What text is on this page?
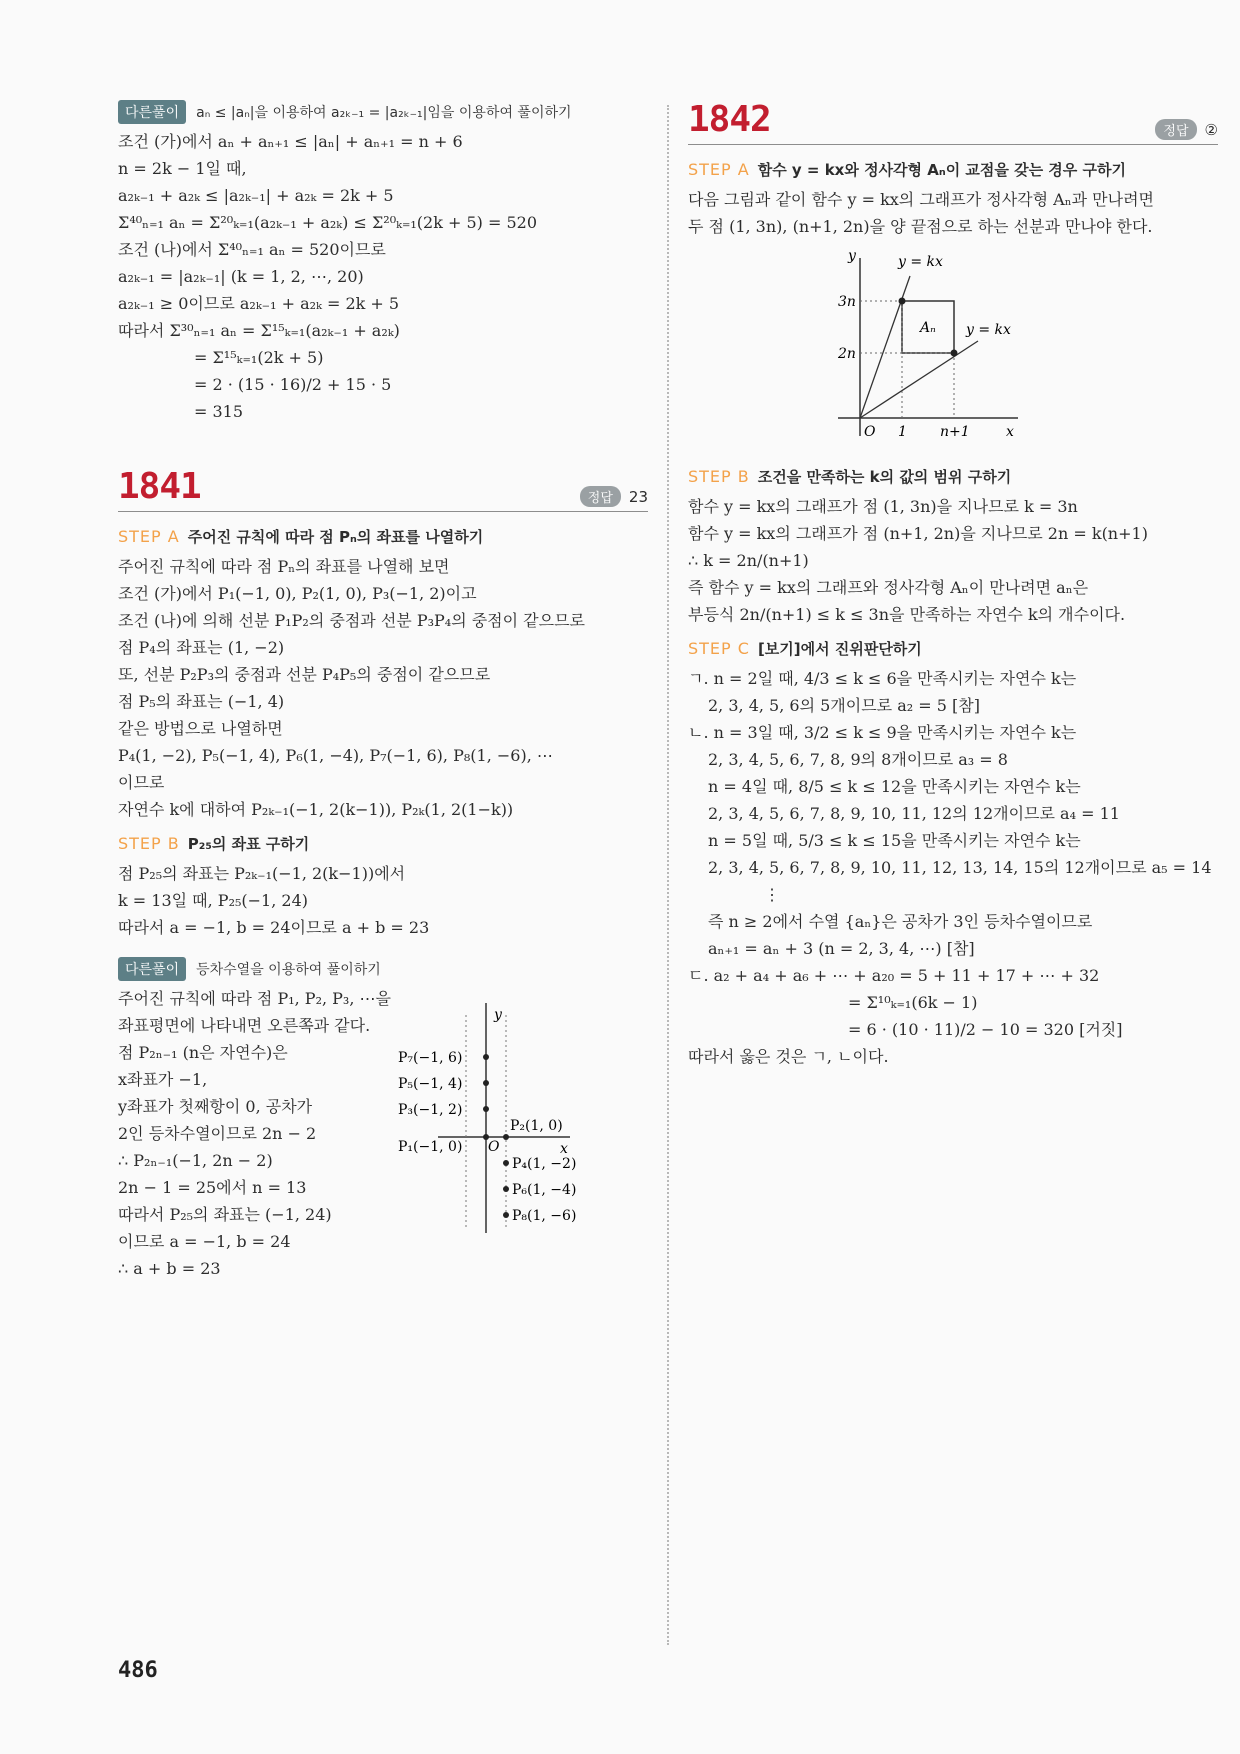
다른풀이	aₙ ≤ |aₙ|을 이용하여 a₂ₖ₋₁ = |a₂ₖ₋₁|임을 이용하여 풀이하기
조건 (가)에서 aₙ + aₙ₊₁ ≤ |aₙ| + aₙ₊₁ = n + 6
n = 2k − 1일 때,
a₂ₖ₋₁ + a₂ₖ ≤ |a₂ₖ₋₁| + a₂ₖ = 2k + 5
Σ⁴⁰ₙ₌₁ aₙ = Σ²⁰ₖ₌₁(a₂ₖ₋₁ + a₂ₖ) ≤ Σ²⁰ₖ₌₁(2k + 5) = 520
조건 (나)에서 Σ⁴⁰ₙ₌₁ aₙ = 520이므로
a₂ₖ₋₁ = |a₂ₖ₋₁| (k = 1, 2, ⋯, 20)
a₂ₖ₋₁ ≥ 0이므로 a₂ₖ₋₁ + a₂ₖ = 2k + 5
따라서 Σ³⁰ₙ₌₁ aₙ = Σ¹⁵ₖ₌₁(a₂ₖ₋₁ + a₂ₖ)
= Σ¹⁵ₖ₌₁(2k + 5)
= 2 · (15 · 16)/2 + 15 · 5
= 315
1841	정답	23
STEP A 주어진 규칙에 따라 점 Pₙ의 좌표를 나열하기
주어진 규칙에 따라 점 Pₙ의 좌표를 나열해 보면
조건 (가)에서 P₁(−1, 0), P₂(1, 0), P₃(−1, 2)이고
조건 (나)에 의해 선분 P₁P₂의 중점과 선분 P₃P₄의 중점이 같으므로
점 P₄의 좌표는 (1, −2)
또, 선분 P₂P₃의 중점과 선분 P₄P₅의 중점이 같으므로
점 P₅의 좌표는 (−1, 4)
같은 방법으로 나열하면
P₄(1, −2), P₅(−1, 4), P₆(1, −4), P₇(−1, 6), P₈(1, −6), ⋯
이므로
자연수 k에 대하여 P₂ₖ₋₁(−1, 2(k−1)), P₂ₖ(1, 2(1−k))
STEP B P₂₅의 좌표 구하기
점 P₂₅의 좌표는 P₂ₖ₋₁(−1, 2(k−1))에서
k = 13일 때, P₂₅(−1, 24)
따라서 a = −1, b = 24이므로 a + b = 23
다른풀이	등차수열을 이용하여 풀이하기
주어진 규칙에 따라 점 P₁, P₂, P₃, ⋯을
좌표평면에 나타내면 오른쪽과 같다.
점 P₂ₙ₋₁ (n은 자연수)은
x좌표가 −1,
y좌표가 첫째항이 0, 공차가
2인 등차수열이므로 2n − 2
∴ P₂ₙ₋₁(−1, 2n − 2)
2n − 1 = 25에서 n = 13
따라서 P₂₅의 좌표는 (−1, 24)
이므로 a = −1, b = 24
∴ a + b = 23
y
x
O
P₇(−1, 6)
P₅(−1, 4)
P₃(−1, 2)
P₁(−1, 0)
P₂(1, 0)
P₄(1, −2)
P₆(1, −4)
P₈(1, −6)
1842	정답	②
STEP A 함수 y = kx와 정사각형 Aₙ이 교점을 갖는 경우 구하기
다음 그림과 같이 함수 y = kx의 그래프가 정사각형 Aₙ과 만나려면
두 점 (1, 3n), (n+1, 2n)을 양 끝점으로 하는 선분과 만나야 한다.
y
x
O
Aₙ
3n
2n
1 n+1
y = kx
y = kx
STEP B 조건을 만족하는 k의 값의 범위 구하기
함수 y = kx의 그래프가 점 (1, 3n)을 지나므로 k = 3n
함수 y = kx의 그래프가 점 (n+1, 2n)을 지나므로 2n = k(n+1)
∴ k = 2n/(n+1)
즉 함수 y = kx의 그래프와 정사각형 Aₙ이 만나려면 aₙ은
부등식 2n/(n+1) ≤ k ≤ 3n을 만족하는 자연수 k의 개수이다.
STEP C [보기]에서 진위판단하기
ㄱ. n = 2일 때, 4/3 ≤ k ≤ 6을 만족시키는 자연수 k는
2, 3, 4, 5, 6의 5개이므로 a₂ = 5 [참]
ㄴ. n = 3일 때, 3/2 ≤ k ≤ 9을 만족시키는 자연수 k는
2, 3, 4, 5, 6, 7, 8, 9의 8개이므로 a₃ = 8
n = 4일 때, 8/5 ≤ k ≤ 12을 만족시키는 자연수 k는
2, 3, 4, 5, 6, 7, 8, 9, 10, 11, 12의 12개이므로 a₄ = 11
n = 5일 때, 5/3 ≤ k ≤ 15을 만족시키는 자연수 k는
2, 3, 4, 5, 6, 7, 8, 9, 10, 11, 12, 13, 14, 15의 12개이므로 a₅ = 14
⋮
즉 n ≥ 2에서 수열 {aₙ}은 공차가 3인 등차수열이므로
aₙ₊₁ = aₙ + 3 (n = 2, 3, 4, ⋯) [참]
ㄷ. a₂ + a₄ + a₆ + ⋯ + a₂₀ = 5 + 11 + 17 + ⋯ + 32
= Σ¹⁰ₖ₌₁(6k − 1)
= 6 · (10 · 11)/2 − 10 = 320 [거짓]
따라서 옳은 것은 ㄱ, ㄴ이다.
486
